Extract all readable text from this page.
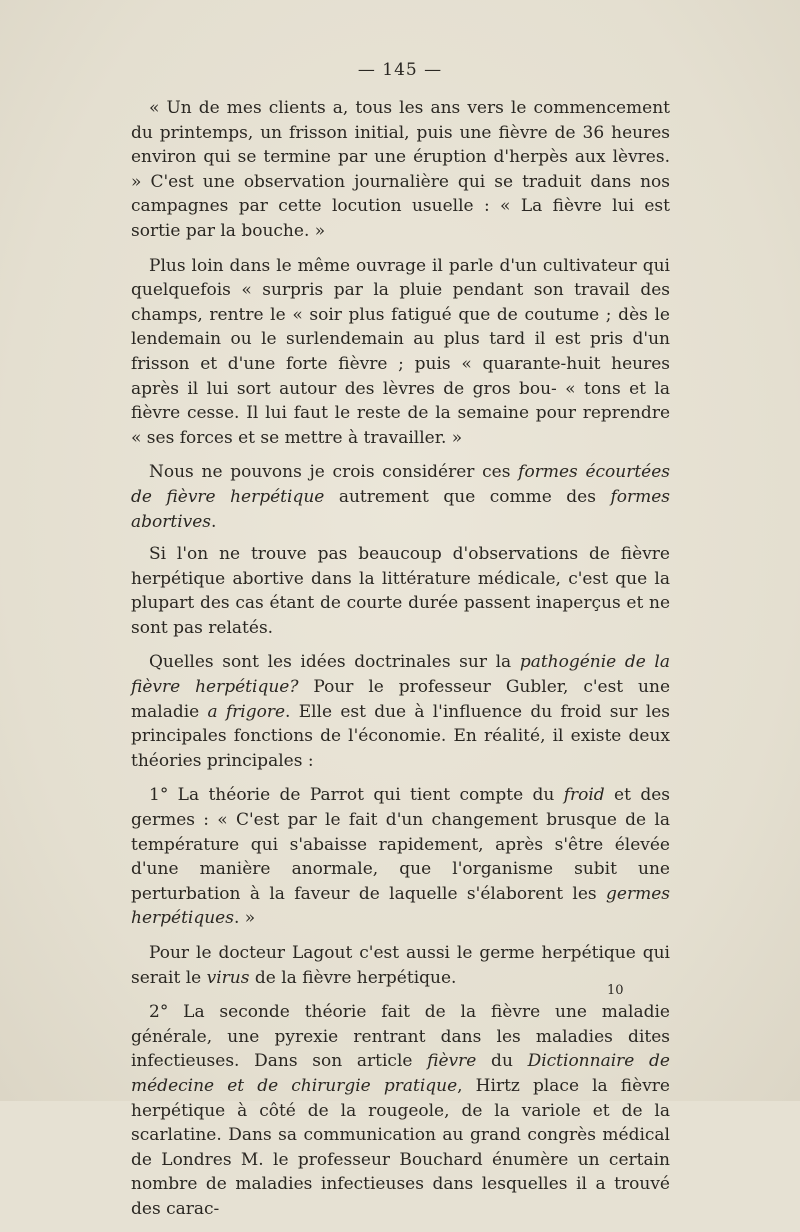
— 145 —

« Un de mes clients a, tous les ans vers le commencement du printemps, un frisson initial, puis une fièvre de 36 heures environ qui se termine par une éruption d'herpès aux lèvres. » C'est une observation journalière qui se traduit dans nos campagnes par cette locution usuelle : « La fièvre lui est sortie par la bouche. »

Plus loin dans le même ouvrage il parle d'un cultivateur qui quelquefois « surpris par la pluie pendant son travail des champs, rentre le « soir plus fatigué que de coutume ; dès le lendemain ou le surlendemain au plus tard il est pris d'un frisson et d'une forte fièvre ; puis « quarante-huit heures après il lui sort autour des lèvres de gros bou- « tons et la fièvre cesse. Il lui faut le reste de la semaine pour reprendre « ses forces et se mettre à travailler. »

Nous ne pouvons je crois considérer ces formes écourtées de fièvre herpétique autrement que comme des formes abortives.

Si l'on ne trouve pas beaucoup d'observations de fièvre herpétique abortive dans la littérature médicale, c'est que la plupart des cas étant de courte durée passent inaperçus et ne sont pas relatés.

Quelles sont les idées doctrinales sur la pathogénie de la fièvre herpétique? Pour le professeur Gubler, c'est une maladie a frigore. Elle est due à l'influence du froid sur les principales fonctions de l'économie. En réalité, il existe deux théories principales :

1° La théorie de Parrot qui tient compte du froid et des germes : « C'est par le fait d'un changement brusque de la température qui s'abaisse rapidement, après s'être élevée d'une manière anormale, que l'organisme subit une perturbation à la faveur de laquelle s'élaborent les germes herpétiques. »

Pour le docteur Lagout c'est aussi le germe herpétique qui serait le virus de la fièvre herpétique.

2° La seconde théorie fait de la fièvre une maladie générale, une pyrexie rentrant dans les maladies dites infectieuses. Dans son article fièvre du Dictionnaire de médecine et de chirurgie pratique, Hirtz place la fièvre herpétique à côté de la rougeole, de la variole et de la scarlatine. Dans sa communication au grand congrès médical de Londres M. le professeur Bouchard énumère un certain nombre de maladies infectieuses dans lesquelles il a trouvé des carac-

10
